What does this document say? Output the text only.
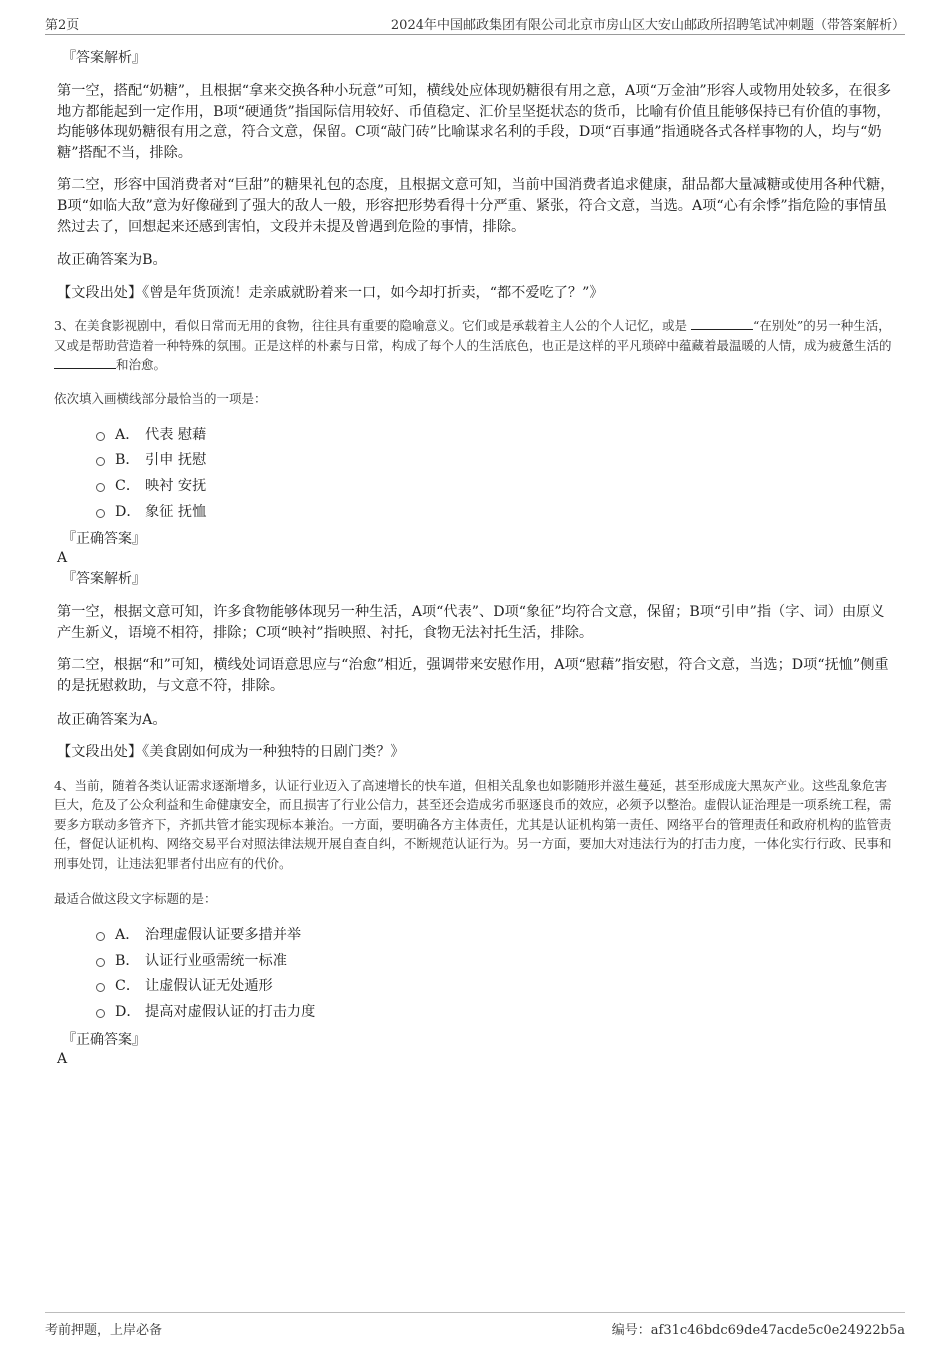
第2页	2024年中国邮政集团有限公司北京市房山区大安山邮政所招聘笔试冲刺题（带答案解析）

『答案解析』

第一空，搭配“奶糖”，且根据“拿来交换各种小玩意”可知，横线处应体现奶糖很有用之意，A项“万金油”形容人或物用处较多，在很多地方都能起到一定作用，B项“硬通货”指国际信用较好、币值稳定、汇价呈坚挺状态的货币，比喻有价值且能够保持已有价值的事物，均能够体现奶糖很有用之意，符合文意，保留。C项“敲门砖”比喻谋求名利的手段，D项“百事通”指通晓各式各样事物的人，均与“奶糖”搭配不当，排除。

第二空，形容中国消费者对“巨甜”的糖果礼包的态度，且根据文意可知，当前中国消费者追求健康，甜品都大量减糖或使用各种代糖，B项“如临大敌”意为好像碰到了强大的敌人一般，形容把形势看得十分严重、紧张，符合文意，当选。A项“心有余悸”指危险的事情虽然过去了，回想起来还感到害怕，文段并未提及曾遇到危险的事情，排除。

故正确答案为B。

【文段出处】《曾是年货顶流！走亲戚就盼着来一口，如今却打折卖，“都不爱吃了？”》

3、在美食影视剧中，看似日常而无用的食物，往往具有重要的隐喻意义。它们或是承载着主人公的个人记忆，或是	“在别处”的另一种生活，又或是帮助营造着一种特殊的氛围。正是这样的朴素与日常，构成了每个人的生活底色，也正是这样的平凡琐碎中蕴藏着最温暖的人情，成为疲惫生活的 和治愈。

依次填入画横线部分最恰当的一项是：

A． 代表 慰藉
B． 引申 抚慰
C． 映衬 安抚
D． 象征 抚恤

『正确答案』

A

『答案解析』

第一空，根据文意可知，许多食物能够体现另一种生活，A项“代表”、D项“象征”均符合文意，保留；B项“引申”指（字、词）由原义产生新义，语境不相符，排除；C项“映衬”指映照、衬托，食物无法衬托生活，排除。

第二空，根据“和”可知，横线处词语意思应与“治愈”相近，强调带来安慰作用，A项“慰藉”指安慰，符合文意，当选；D项“抚恤”侧重的是抚慰救助，与文意不符，排除。

故正确答案为A。

【文段出处】《美食剧如何成为一种独特的日剧门类？》

4、当前，随着各类认证需求逐渐增多，认证行业迈入了高速增长的快车道，但相关乱象也如影随形并滋生蔓延，甚至形成庞大黑灰产业。这些乱象危害巨大，危及了公众利益和生命健康安全，而且损害了行业公信力，甚至还会造成劣币驱逐良币的效应，必须予以整治。虚假认证治理是一项系统工程，需要多方联动多管齐下，齐抓共管才能实现标本兼治。一方面，要明确各方主体责任，尤其是认证机构第一责任、网络平台的管理责任和政府机构的监管责任，督促认证机构、网络交易平台对照法律法规开展自查自纠，不断规范认证行为。另一方面，要加大对违法行为的打击力度，一体化实行行政、民事和刑事处罚，让违法犯罪者付出应有的代价。

最适合做这段文字标题的是：

A． 治理虚假认证要多措并举
B． 认证行业亟需统一标准
C． 让虚假认证无处遁形
D． 提高对虚假认证的打击力度

『正确答案』

A

考前押题，上岸必备	编号：af31c46bdc69de47acde5c0e24922b5a
